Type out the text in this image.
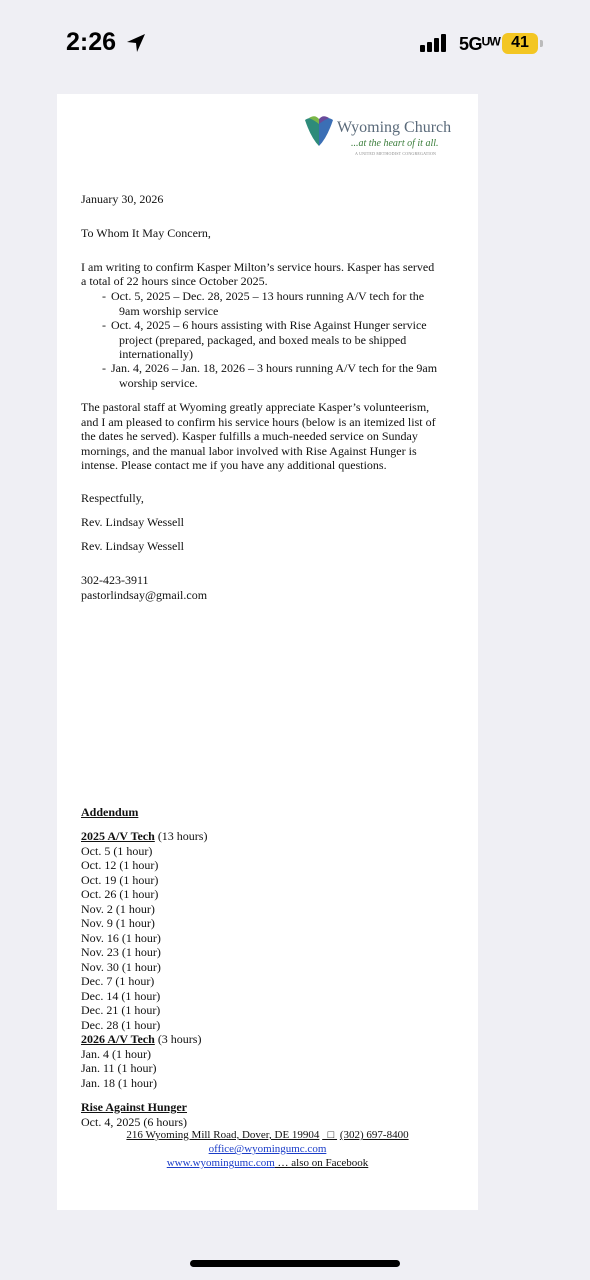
2:26	5Gᵁᵂ 41
Wyoming Church
...at the heart of it all.
A UNITED METHODIST CONGREGATION
January 30, 2026
To Whom It May Concern,
I am writing to confirm Kasper Milton’s service hours. Kasper has served
a total of 22 hours since October 2025.
- Oct. 5, 2025 – Dec. 28, 2025 – 13 hours running A/V tech for the
9am worship service
- Oct. 4, 2025 – 6 hours assisting with Rise Against Hunger service
project (prepared, packaged, and boxed meals to be shipped
internationally)
- Jan. 4, 2026 – Jan. 18, 2026 – 3 hours running A/V tech for the 9am
worship service.
The pastoral staff at Wyoming greatly appreciate Kasper’s volunteerism,
and I am pleased to confirm his service hours (below is an itemized list of
the dates he served). Kasper fulfills a much-needed service on Sunday
mornings, and the manual labor involved with Rise Against Hunger is
intense. Please contact me if you have any additional questions.
Respectfully,
Rev. Lindsay Wessell
Rev. Lindsay Wessell
302-423-3911
pastorlindsay@gmail.com
Addendum
2025 A/V Tech (13 hours)
Oct. 5 (1 hour)
Oct. 12 (1 hour)
Oct. 19 (1 hour)
Oct. 26 (1 hour)
Nov. 2 (1 hour)
Nov. 9 (1 hour)
Nov. 16 (1 hour)
Nov. 23 (1 hour)
Nov. 30 (1 hour)
Dec. 7 (1 hour)
Dec. 14 (1 hour)
Dec. 21 (1 hour)
Dec. 28 (1 hour)
2026 A/V Tech (3 hours)
Jan. 4 (1 hour)
Jan. 11 (1 hour)
Jan. 18 (1 hour)
Rise Against Hunger
Oct. 4, 2025 (6 hours)
216 Wyoming Mill Road, Dover, DE 19904   □  (302) 697-8400
office@wyomingumc.com
www.wyomingumc.com … also on Facebook
